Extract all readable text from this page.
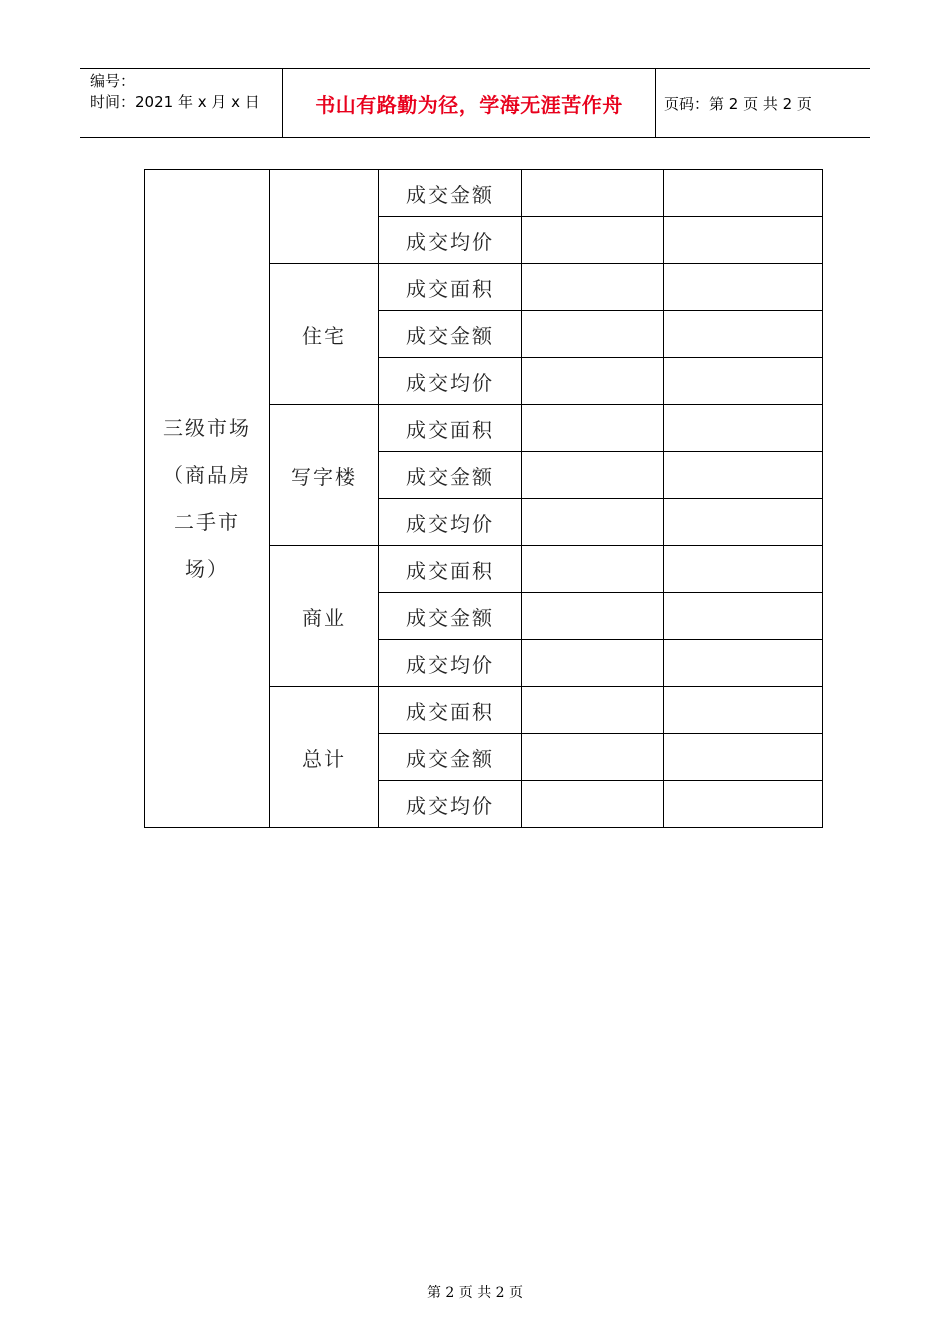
编号：
时间：2021 年 x 月 x 日	书山有路勤为径，学海无涯苦作舟	页码：第 2 页 共 2 页
三级市场
（商品房
二手市
场）		成交金额		
		成交均价		
	住宅	成交面积		
		成交金额		
		成交均价		
	写字楼	成交面积		
		成交金额		
		成交均价		
	商业	成交面积		
		成交金额		
		成交均价		
	总计	成交面积		
		成交金额		
		成交均价		
第 2 页 共 2 页
